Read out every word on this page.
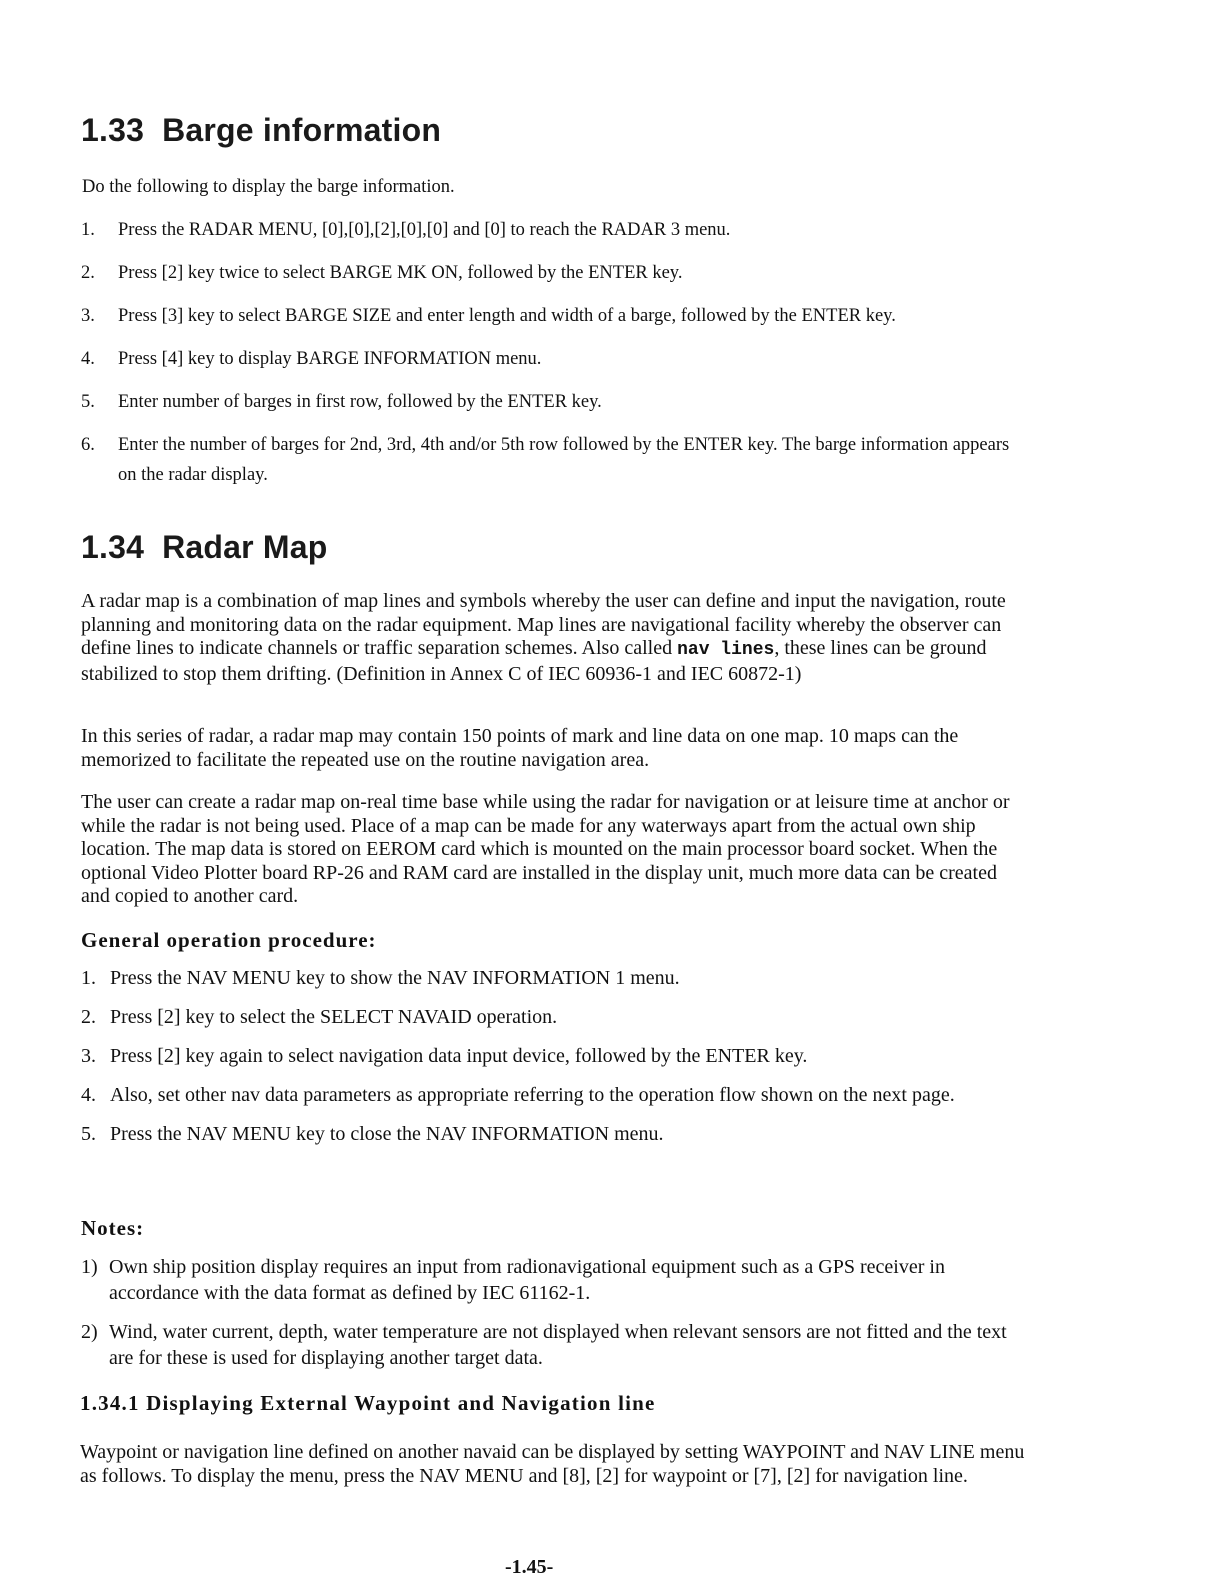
1.33 Barge information

Do the following to display the barge information.

1. Press the RADAR MENU, [0],[0],[2],[0],[0] and [0] to reach the RADAR 3 menu.
2. Press [2] key twice to select BARGE MK ON, followed by the ENTER key.
3. Press [3] key to select BARGE SIZE and enter length and width of a barge, followed by the ENTER key.
4. Press [4] key to display BARGE INFORMATION menu.
5. Enter number of barges in first row, followed by the ENTER key.
6. Enter the number of barges for 2nd, 3rd, 4th and/or 5th row followed by the ENTER key. The barge information appears on the radar display.
1.34 Radar Map

A radar map is a combination of map lines and symbols whereby the user can define and input the navigation, route planning and monitoring data on the radar equipment. Map lines are navigational facility whereby the observer can define lines to indicate channels or traffic separation schemes. Also called nav lines, these lines can be ground stabilized to stop them drifting. (Definition in Annex C of IEC 60936-1 and IEC 60872-1)

In this series of radar, a radar map may contain 150 points of mark and line data on one map. 10 maps can the memorized to facilitate the repeated use on the routine navigation area.

The user can create a radar map on-real time base while using the radar for navigation or at leisure time at anchor or while the radar is not being used. Place of a map can be made for any waterways apart from the actual own ship location. The map data is stored on EEROM card which is mounted on the main processor board socket. When the optional Video Plotter board RP-26 and RAM card are installed in the display unit, much more data can be created and copied to another card.

General operation procedure:
1. Press the NAV MENU key to show the NAV INFORMATION 1 menu.
2. Press [2] key to select the SELECT NAVAID operation.
3. Press [2] key again to select navigation data input device, followed by the ENTER key.
4. Also, set other nav data parameters as appropriate referring to the operation flow shown on the next page.
5. Press the NAV MENU key to close the NAV INFORMATION menu.
Notes:
1) Own ship position display requires an input from radionavigational equipment such as a GPS receiver in accordance with the data format as defined by IEC 61162-1.
2) Wind, water current, depth, water temperature are not displayed when relevant sensors are not fitted and the text are for these is used for displaying another target data.
1.34.1 Displaying External Waypoint and Navigation line

Waypoint or navigation line defined on another navaid can be displayed by setting WAYPOINT and NAV LINE menu as follows. To display the menu, press the NAV MENU and [8], [2] for waypoint or [7], [2] for navigation line.

-1.45-
